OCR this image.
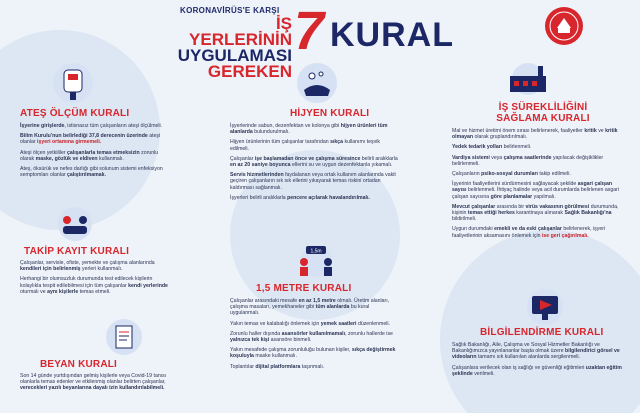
KORONAVİRÜS'E KARŞI
İŞ YERLERİNİN
UYGULAMASI
GEREKEN
7 KURAL
ATEŞ ÖLÇÜM KURALI

İşyerine girişlerde, istisnasız tüm çalışanların ateşi ölçülmeli.

Bilim Kurulu'nun belirlediği 37,8 derecenin üzerinde ateşi olanlar işyeri ortamına girmemeli.

Ateşi ölçen yetkililer çalışanlarla temas etmeksizin zorunlu olarak maske, gözlük ve eldiven kullanmalı.

Ateş, öksürük ve nefes darlığı gibi solunum sistemi enfeksiyon semptomları olanlar çalıştırılmamalı.

TAKİP KAYIT KURALI

Çalışanlar, servisle, ofiste, yemekte ve çalışma alanlarında kendileri için belirlenmiş yerleri kullanmalı.

Herhangi bir olumsuzluk durumunda test edilecek kişilerin kolaylıkla tespit edilebilmesi için tüm çalışanlar kendi yerlerinde oturmalı ve aynı kişilerle temas etmeli.

BEYAN KURALI

Son 14 günde yurtdışından gelmiş kişilerle veya Covid-19 tanısı olanlarla temas edenler ve etkilenmiş olanlar belirten çalışanlar, verecekleri yazılı beyanlarına dayalı izin kullandırılabilmeli.

HİJYEN KURALI

İşyerlerinde sabun, dezenfektan ve kolonya gibi hijyen ürünleri tüm alanlarda bulundurulmalı.

Hijyen ürünlerinin tüm çalışanlar tarafından sıkça kullanımı teşvik edilmeli.

Çalışanlar işe başlamadan önce ve çalışma süresince belirli aralıklarla en az 20 saniye boyunca ellerini su ve uygun dezenfektanla yıkamalı.

Servis hizmetlerinden faydalanan veya ortak kullanım alanlarında vakit geçiren çalışanların sık sık ellerini yıkayarak temas riskini ortadan kaldırması sağlanmalı.

İşyerleri belirli aralıklarla pencere açılarak havalandırılmalı.

1,5m
1,5 METRE KURALI

Çalışanlar arasındaki mesafe en az 1,5 metre olmalı. Üretim alanları, çalışma masaları, yemekhaneler gibi tüm alanlarda bu kural uygulanmalı.

Yakın temas ve kalabalığı önlemek için yemek saatleri düzenlenmeli.

Zorunlu haller dışında asansörler kullanılmamalı, zorunlu hallerde ise yalnızca tek kişi asansöre binmeli.

Yakın mesafede çalışma zorunluluğu bulunan kişiler, sıkça değiştirmek koşuluyla maske kullanmalı.

Toplantılar dijital platformlara taşınmalı.

İŞ SÜREKLİLİĞİNİ
SAĞLAMA KURALI

Mal ve hizmet üretimi önem sırası belirlenerek, faaliyetler kritik ve kritik olmayan olarak gruplandırılmalı.

Yedek tedarik yolları belirlenmeli.

Vardiya sistemi veya çalışma saatlerinde yapılacak değişiklikler belirlenmeli.

Çalışanların psiko-sosyal durumları takip edilmeli.

İşyerinin faaliyetlerini sürdürmesini sağlayacak şekilde asgari çalışan sayısı belirlenmeli. İhtiyaç halinde veya acil durumlarda belirlenen asgari çalışan sayısına göre planlamalar yapılmalı.

Mevcut çalışanlar arasında bir virüs vakasının görülmesi durumunda, kişinin temas ettiği herkes karantinaya alınarak Sağlık Bakanlığı'na bildirilmeli.

Uygun durumdaki emekli ve da eski çalışanlar belirlenerek, işyeri faaliyetlerinin aksamasını önlemek için ise geri çağırılmalı.

BİLGİLENDİRME KURALI

Sağlık Bakanlığı, Aile, Çalışma ve Sosyal Hizmetler Bakanlığı ve Bakanlığımızca yayınlananlar başta olmak üzere bilgilendirici görsel ve videoların tamamı sık kullanılan alanlarda sergilenmeli.

Çalışanlara verilecek olan iş sağlığı ve güvenliği eğitimleri uzaktan eğitim şeklinde verilmeli.
